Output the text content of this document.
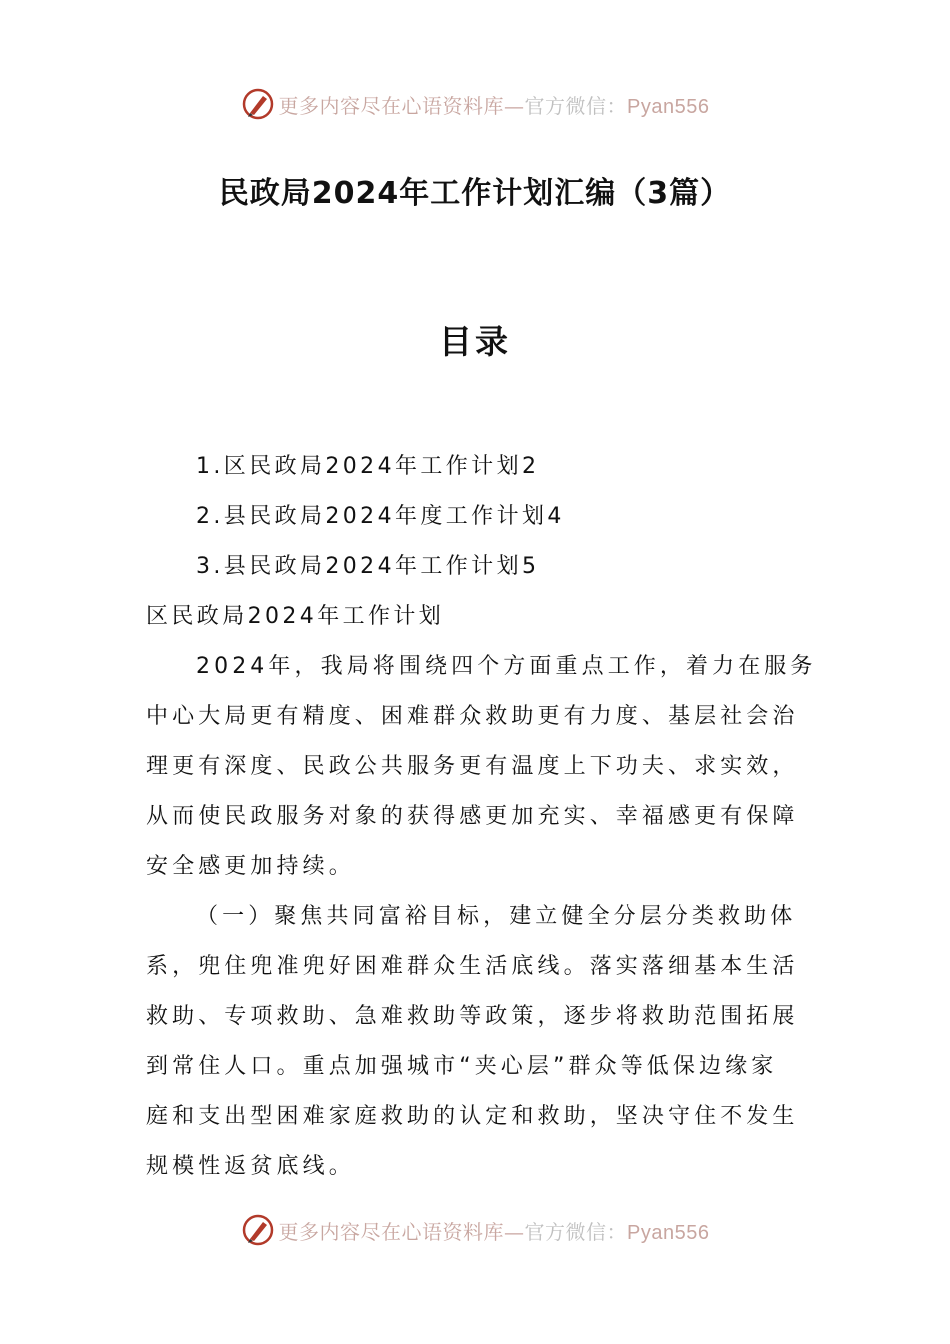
更多内容尽在心语资料库—官方微信：Pyan556
民政局2024年工作计划汇编（3篇）
目录
1.区民政局2024年工作计划2
2.县民政局2024年度工作计划4
3.县民政局2024年工作计划5
区民政局2024年工作计划
2024年，我局将围绕四个方面重点工作，着力在服务
中心大局更有精度、困难群众救助更有力度、基层社会治
理更有深度、民政公共服务更有温度上下功夫、求实效，
从而使民政服务对象的获得感更加充实、幸福感更有保障
安全感更加持续。
（一）聚焦共同富裕目标，建立健全分层分类救助体
系，兜住兜准兜好困难群众生活底线。落实落细基本生活
救助、专项救助、急难救助等政策，逐步将救助范围拓展
到常住人口。重点加强城市“夹心层”群众等低保边缘家
庭和支出型困难家庭救助的认定和救助，坚决守住不发生
规模性返贫底线。
更多内容尽在心语资料库—官方微信：Pyan556
